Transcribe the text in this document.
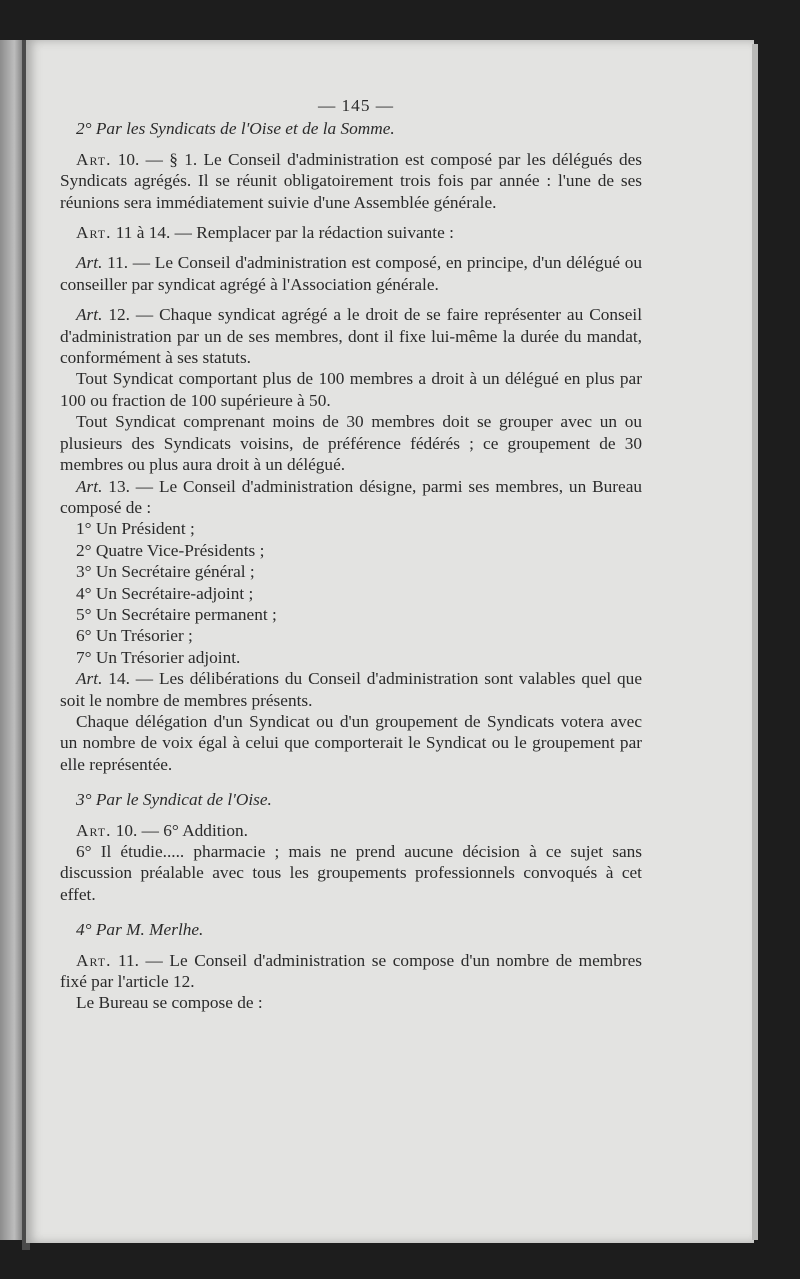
— 145 —

2° Par les Syndicats de l'Oise et de la Somme.

Art. 10. — § 1. Le Conseil d'administration est composé par les délégués des Syndicats agrégés. Il se réunit obligatoirement trois fois par année : l'une de ses réunions sera immédiatement suivie d'une Assemblée générale.

Art. 11 à 14. — Remplacer par la rédaction suivante :

Art. 11. — Le Conseil d'administration est composé, en principe, d'un délégué ou conseiller par syndicat agrégé à l'Association générale.

Art. 12. — Chaque syndicat agrégé a le droit de se faire représenter au Conseil d'administration par un de ses membres, dont il fixe lui-même la durée du mandat, conformément à ses statuts.

Tout Syndicat comportant plus de 100 membres a droit à un délégué en plus par 100 ou fraction de 100 supérieure à 50.

Tout Syndicat comprenant moins de 30 membres doit se grouper avec un ou plusieurs des Syndicats voisins, de préférence fédérés ; ce groupement de 30 membres ou plus aura droit à un délégué.

Art. 13. — Le Conseil d'administration désigne, parmi ses membres, un Bureau composé de :

1° Un Président ;

2° Quatre Vice-Présidents ;

3° Un Secrétaire général ;

4° Un Secrétaire-adjoint ;

5° Un Secrétaire permanent ;

6° Un Trésorier ;

7° Un Trésorier adjoint.

Art. 14. — Les délibérations du Conseil d'administration sont valables quel que soit le nombre de membres présents.

Chaque délégation d'un Syndicat ou d'un groupement de Syndicats votera avec un nombre de voix égal à celui que comporterait le Syndicat ou le groupement par elle représentée.

3° Par le Syndicat de l'Oise.

Art. 10. — 6° Addition.

6° Il étudie..... pharmacie ; mais ne prend aucune décision à ce sujet sans discussion préalable avec tous les groupements professionnels convoqués à cet effet.

4° Par M. Merlhe.

Art. 11. — Le Conseil d'administration se compose d'un nombre de membres fixé par l'article 12.

Le Bureau se compose de :
